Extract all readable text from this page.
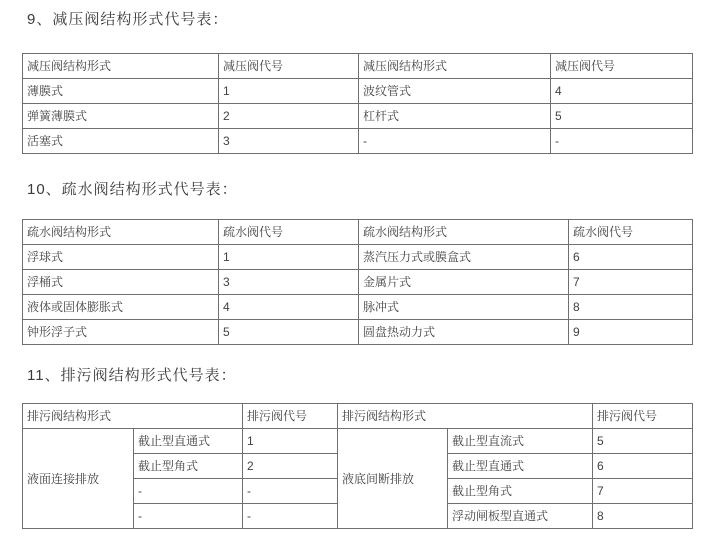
9、减压阀结构形式代号表：
减压阀结构形式	减压阀代号	减压阀结构形式	减压阀代号
薄膜式	1	波纹管式	4
弹簧薄膜式	2	杠杆式	5
活塞式	3	-	-
10、疏水阀结构形式代号表：
疏水阀结构形式	疏水阀代号	疏水阀结构形式	疏水阀代号
浮球式	1	蒸汽压力式或膜盒式	6
浮桶式	3	金属片式	7
液体或固体膨胀式	4	脉冲式	8
钟形浮子式	5	圆盘热动力式	9
11、排污阀结构形式代号表：
排污阀结构形式		排污阀代号	排污阀结构形式		排污阀代号
液面连接排放	截止型直通式	1	液底间断排放	截止型直流式	5
	截止型角式	2		截止型直通式	6
	-	-		截止型角式	7
	-	-		浮动闸板型直通式	8
